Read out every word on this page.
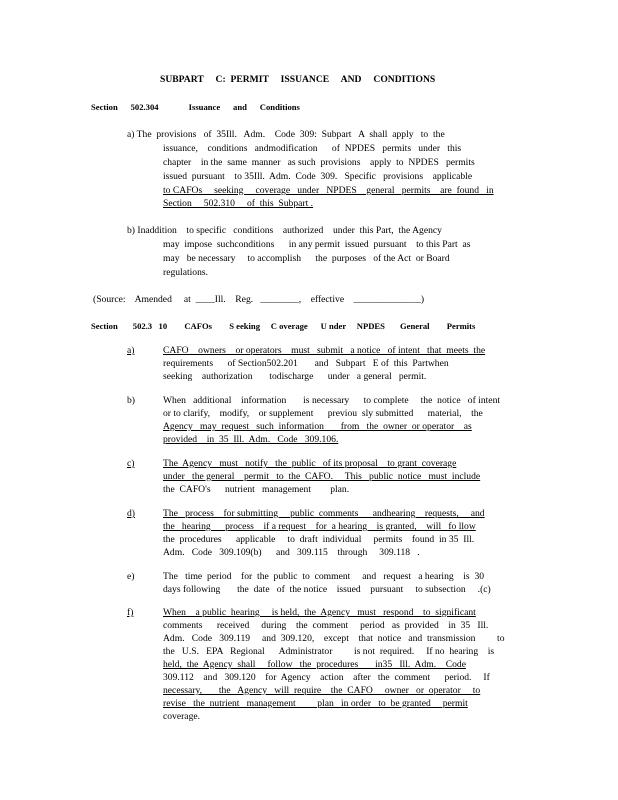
SUBPART     C:  PERMIT     ISSUANCE     AND     CONDITIONS
Section      502.304              Issuance      and      Conditions
a) The  provisions   of  35Ill.   Adm.    Code  309:  Subpart   A  shall  apply   to  the
issuance,    conditions   andmodification      of  NPDES   permits   under   this
chapter    in the  same  manner   as such  provisions    apply  to  NPDES   permits
issued  pursuant    to 35Ill.  Adm.  Code  309.   Specific   provisions    applicable
to CAFOs     seeking     coverage   under   NPDES    general   permits    are  found   in
Section     502.310     of  this  Subpart .
b) Inaddition    to specific   conditions    authorized    under  this Part,  the Agency
may  impose  suchconditions      in any permit  issued  pursuant    to this Part  as
may   be necessary     to accomplish      the  purposes   of the Act  or Board
regulations.
(Source:    Amended     at  ____Ill.    Reg.   ________,    effective    ______________)
Section       502.3   10        CAFOs        S eeking     C overage      U nder     NPDES       General        Permits
a)	CAFO    owners    or operators    must   submit   a notice   of intent   that  meets  the
requirements      of Section502.201       and   Subpart   E of  this  Partwhen
seeking    authorization       todischarge      under   a general   permit.
b)	When   additional    information       is necessary      to complete     the  notice   of intent
or to clarify,    modify,    or supplement      previou  sly submitted      material,    the
Agency   may  request   such  information       from   the  owner  or operator    as
provided    in  35  Ill.  Adm.   Code   309.106.
c)	The  Agency   must   notify   the  public   of its proposal    to grant  coverage
under   the general    permit   to  the  CAFO.     This   public  notice   must  include
the  CAFO's      nutrient   management        plan.
d)	The   process    for submitting     public  comments      andhearing    requests,     and
the   hearing      process    if a request    for  a hearing    is granted,    will   fo llow
the  procedures      applicable     to  draft  individual     permits    found  in 35  Ill.
Adm.   Code   309.109(b)      and   309.115    through     309.118   .
e)	The   time  period    for  the  public  to  comment     and   request   a hearing    is  30
days following       the  date   of  the notice    issued    pursuant     to subsection     .(c)
f)	When    a public  hearing     is held,  the  Agency   must   respond    to  significant
comments      received     during    the  comment     period   as  provided    in  35   Ill.
Adm.   Code   309.119     and  309.120,    except    that  notice   and  transmission         to
the   U.S.   EPA   Regional      Administrator         is not  required.     If no  hearing    is
held,  the  Agency  shall     follow   the  procedures       in35   Ill.  Adm.    Code
309.112    and   309.120    for  Agency    action    after   the  comment      period.     If
necessary,       the   Agency   will  require    the  CAFO     owner   or  operator     to
revise   the  nutrient   management         plan   in order   to  be granted     permit
coverage.
